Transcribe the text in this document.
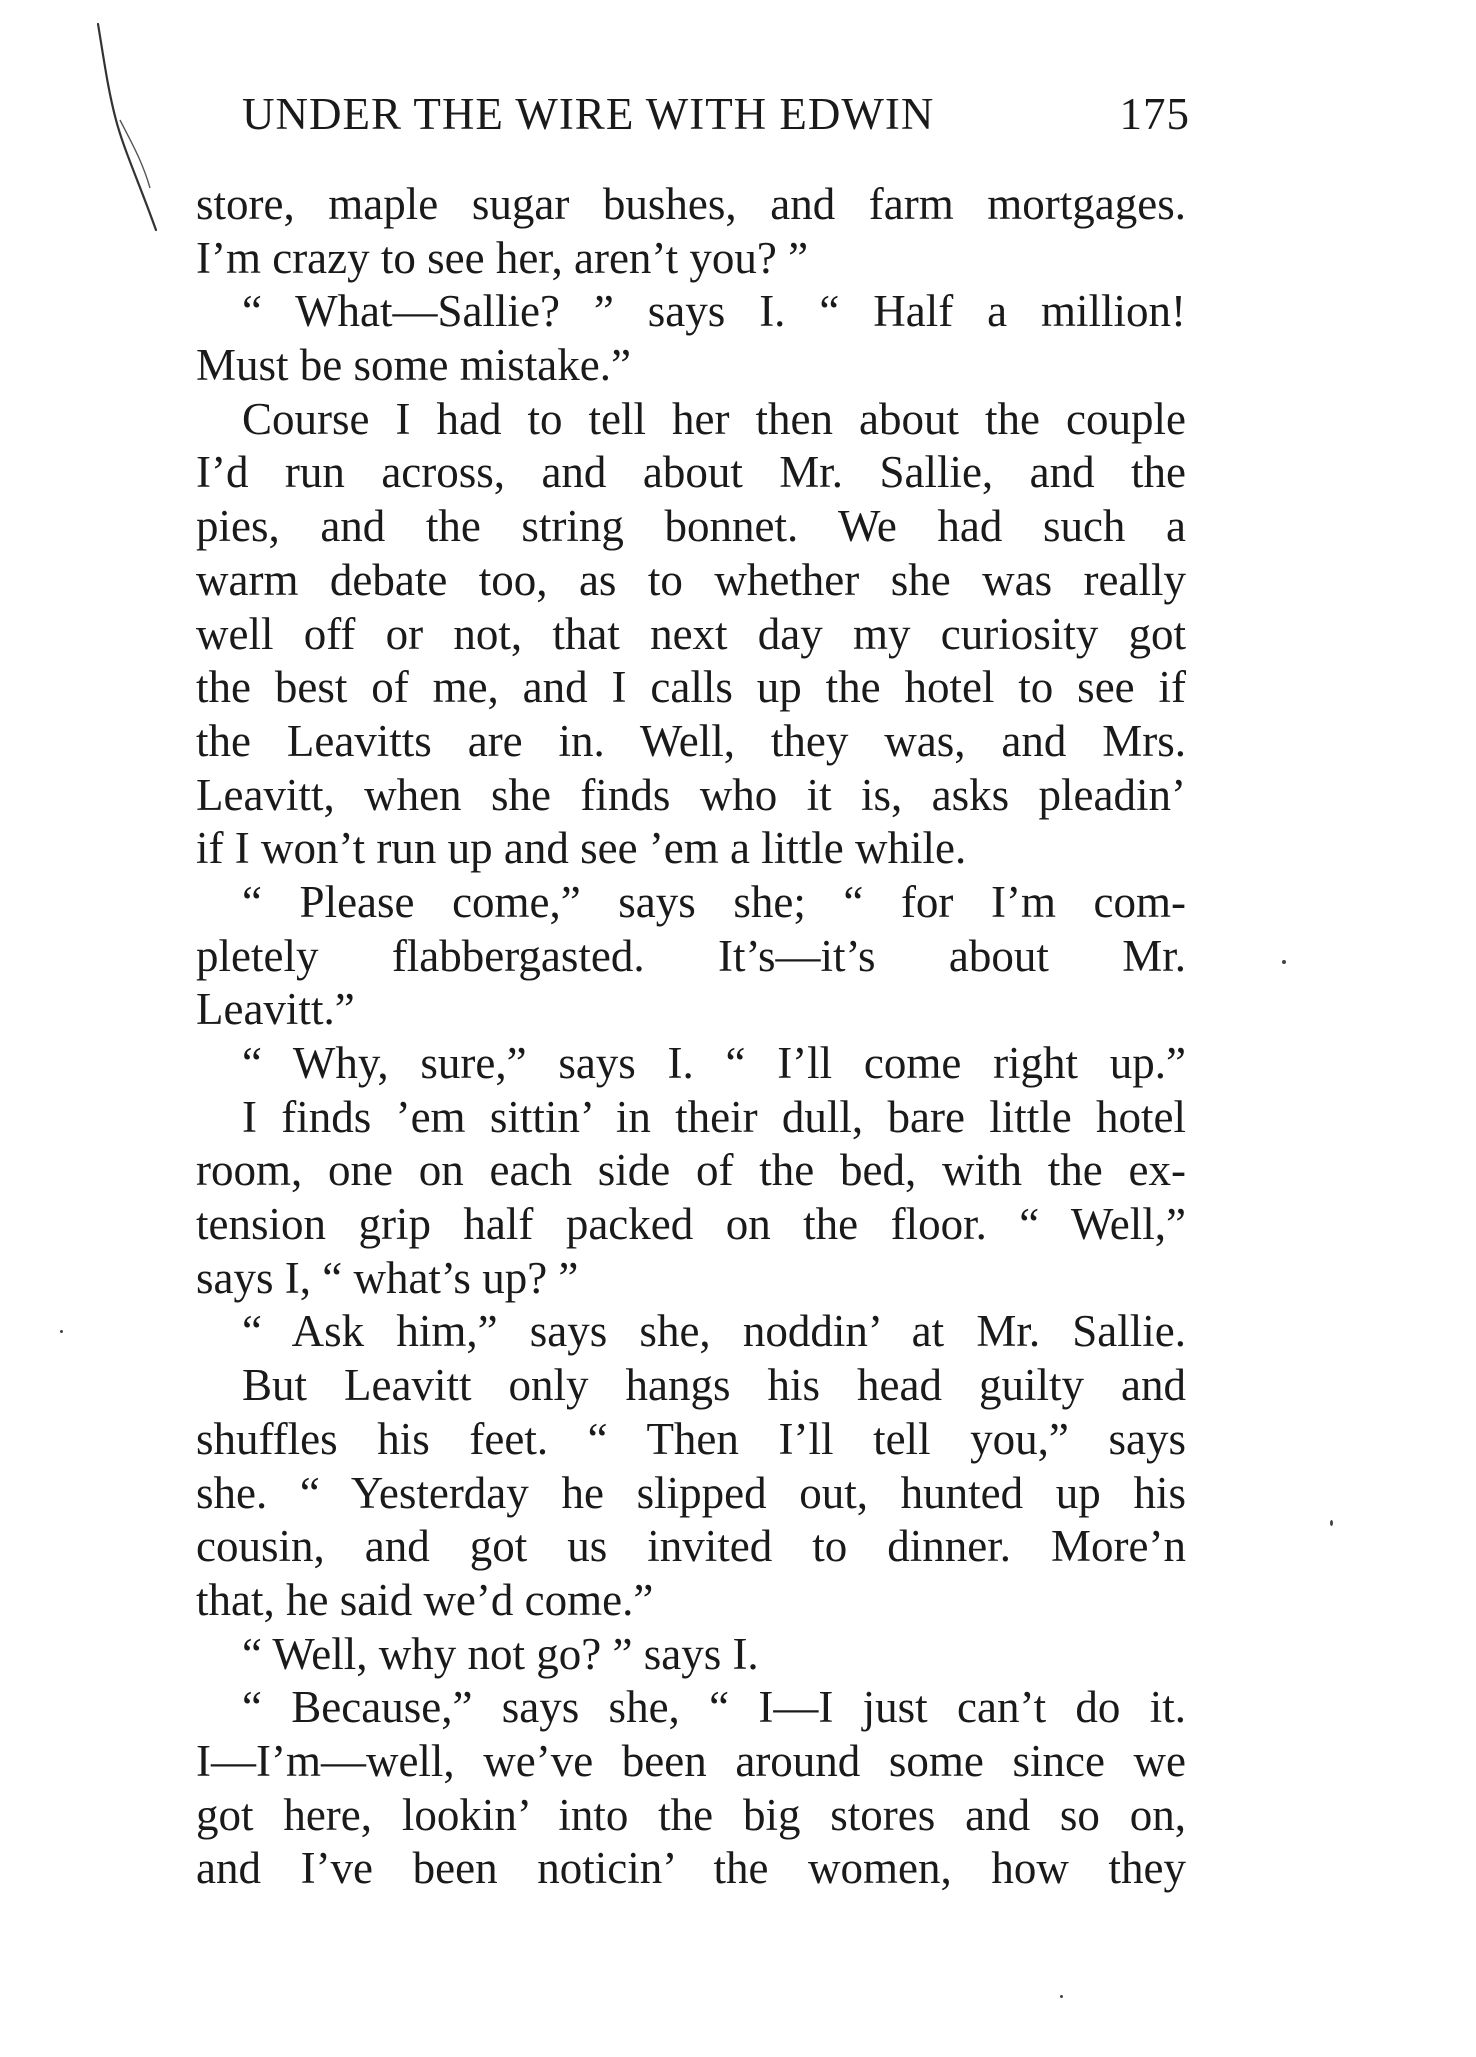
UNDER THE WIRE WITH EDWIN	175
store, maple sugar bushes, and farm mortgages.
I’m crazy to see her, aren’t you? ”
“ What—Sallie? ” says I. “ Half a million!
Must be some mistake.”
Course I had to tell her then about the couple
I’d run across, and about Mr. Sallie, and the
pies, and the string bonnet. We had such a
warm debate too, as to whether she was really
well off or not, that next day my curiosity got
the best of me, and I calls up the hotel to see if
the Leavitts are in. Well, they was, and Mrs.
Leavitt, when she finds who it is, asks pleadin’
if I won’t run up and see ’em a little while.
“ Please come,” says she; “ for I’m com-
pletely flabbergasted. It’s—it’s about Mr.
Leavitt.”
“ Why, sure,” says I. “ I’ll come right up.”
I finds ’em sittin’ in their dull, bare little hotel
room, one on each side of the bed, with the ex-
tension grip half packed on the floor. “ Well,”
says I, “ what’s up? ”
“ Ask him,” says she, noddin’ at Mr. Sallie.
But Leavitt only hangs his head guilty and
shuffles his feet. “ Then I’ll tell you,” says
she. “ Yesterday he slipped out, hunted up his
cousin, and got us invited to dinner. More’n
that, he said we’d come.”
“ Well, why not go? ” says I.
“ Because,” says she, “ I—I just can’t do it.
I—I’m—well, we’ve been around some since we
got here, lookin’ into the big stores and so on,
and I’ve been noticin’ the women, how they
